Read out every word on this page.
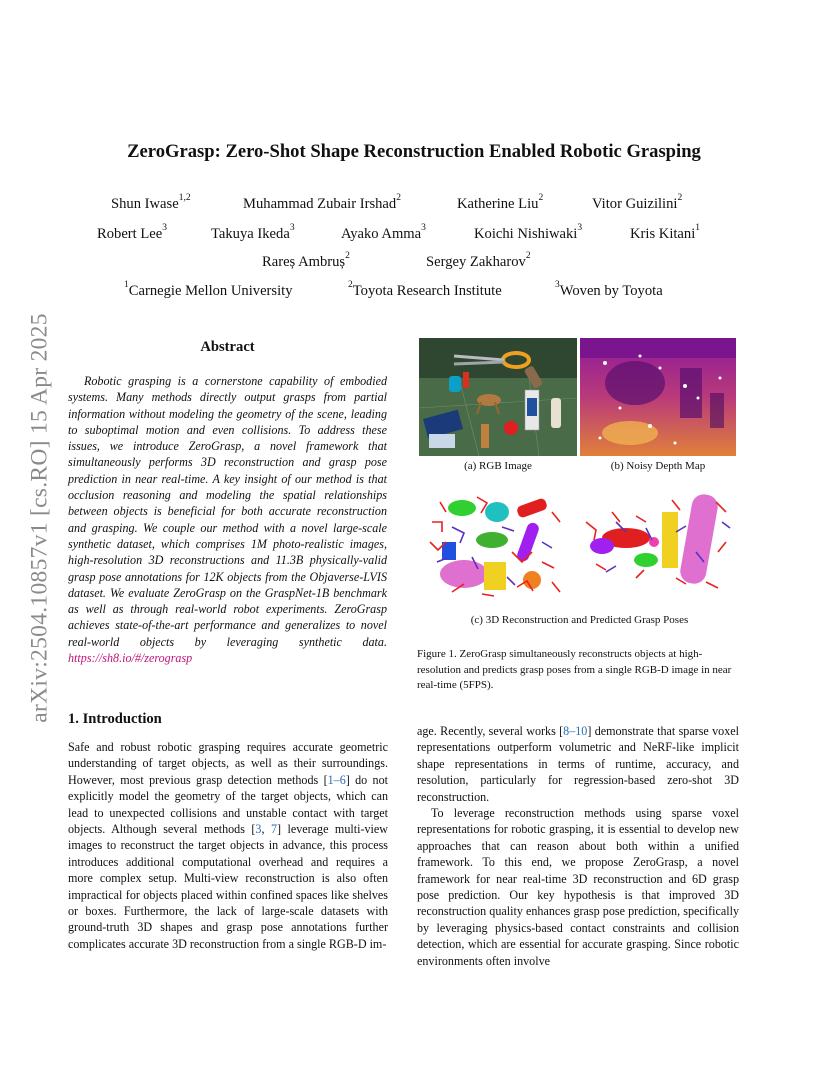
arXiv:2504.10857v1 [cs.RO] 15 Apr 2025
ZeroGrasp: Zero-Shot Shape Reconstruction Enabled Robotic Grasping
Shun Iwase$^{1,2}$	Muhammad Zubair Irshad$^2$	Katherine Liu$^2$	Vitor Guizilini$^2$
Robert Lee$^3$	Takuya Ikeda$^3$	Ayako Amma$^3$	Koichi Nishiwaki$^3$	Kris Kitani$^1$
Rareș Ambruș$^2$	Sergey Zakharov$^2$
$^1$Carnegie Mellon University	$^2$Toyota Research Institute	$^3$Woven by Toyota
Abstract

Robotic grasping is a cornerstone capability of embodied systems. Many methods directly output grasps from partial information without modeling the geometry of the scene, leading to suboptimal motion and even collisions. To address these issues, we introduce ZeroGrasp, a novel framework that simultaneously performs 3D reconstruction and grasp pose prediction in near real-time. A key insight of our method is that occlusion reasoning and modeling the spatial relationships between objects is beneficial for both accurate reconstruction and grasping. We couple our method with a novel large-scale synthetic dataset, which comprises 1M photo-realistic images, high-resolution 3D reconstructions and 11.3B physically-valid grasp pose annotations for 12K objects from the Objaverse-LVIS dataset. We evaluate ZeroGrasp on the GraspNet-1B benchmark as well as through real-world robot experiments. ZeroGrasp achieves state-of-the-art performance and generalizes to novel real-world objects by leveraging synthetic data. https://sh8.io/#/zerograsp

(a) RGB Image	(b) Noisy Depth Map
(c) 3D Reconstruction and Predicted Grasp Poses

Figure 1. ZeroGrasp simultaneously reconstructs objects at high-resolution and predicts grasp poses from a single RGB-D image in near real-time (5FPS).

1. Introduction

Safe and robust robotic grasping requires accurate geometric understanding of target objects, as well as their surroundings. However, most previous grasp detection methods [1–6] do not explicitly model the geometry of the target objects, which can lead to unexpected collisions and unstable contact with target objects. Although several methods [3, 7] leverage multi-view images to reconstruct the target objects in advance, this process introduces additional computational overhead and requires a more complex setup. Multi-view reconstruction is also often impractical for objects placed within confined spaces like shelves or boxes. Furthermore, the lack of large-scale datasets with ground-truth 3D shapes and grasp pose annotations further complicates accurate 3D reconstruction from a single RGB-D im-

age. Recently, several works [8–10] demonstrate that sparse voxel representations outperform volumetric and NeRF-like implicit shape representations in terms of runtime, accuracy, and resolution, particularly for regression-based zero-shot 3D reconstruction.

To leverage reconstruction methods using sparse voxel representations for robotic grasping, it is essential to develop new approaches that can reason about both within a unified framework. To this end, we propose ZeroGrasp, a novel framework for near real-time 3D reconstruction and 6D grasp pose prediction. Our key hypothesis is that improved 3D reconstruction quality enhances grasp pose prediction, specifically by leveraging physics-based contact constraints and collision detection, which are essential for accurate grasping. Since robotic environments often involve
